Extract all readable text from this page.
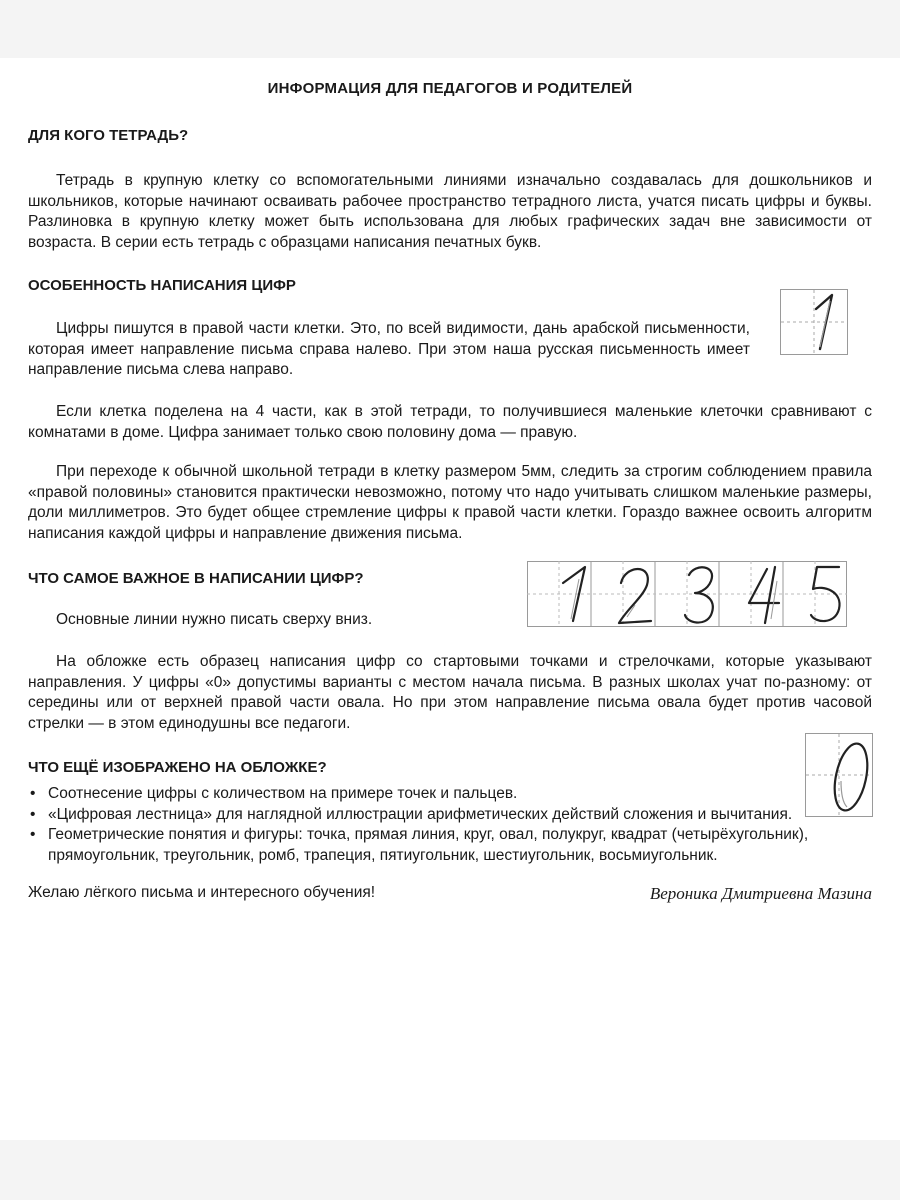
ИНФОРМАЦИЯ ДЛЯ ПЕДАГОГОВ И РОДИТЕЛЕЙ
ДЛЯ КОГО ТЕТРАДЬ?

Тетрадь в крупную клетку со вспомогательными линиями изначально создавалась для дошкольников и школьников, которые начинают осваивать рабочее пространство тетрадного листа, учатся писать цифры и буквы. Разлиновка в крупную клетку может быть использована для любых графических задач вне зависимости от возраста. В серии есть тетрадь с образцами написания печатных букв.

ОСОБЕННОСТЬ НАПИСАНИЯ ЦИФР

Цифры пишутся в правой части клетки. Это, по всей видимости, дань арабской письменности, которая имеет направление письма справа налево. При этом наша русская письменность имеет направление письма слева направо.

Если клетка поделена на 4 части, как в этой тетради, то получившиеся маленькие клеточки сравнивают с комнатами в доме. Цифра занимает только свою половину дома — правую.

При переходе к обычной школьной тетради в клетку размером 5мм, следить за строгим соблюдением правила «правой половины» становится практически невозможно, потому что надо учитывать слишком маленькие размеры, доли миллиметров. Это будет общее стремление цифры к правой части клетки. Гораздо важнее освоить алгоритм написания каждой цифры и направление движения письма.

ЧТО САМОЕ ВАЖНОЕ В НАПИСАНИИ ЦИФР?

Основные линии нужно писать сверху вниз.

На обложке есть образец написания цифр со стартовыми точками и стрелочками, которые указывают направления. У цифры «0» допустимы варианты с местом начала письма. В разных школах учат по-разному: от середины или от верхней правой части овала. Но при этом направление письма овала будет против часовой стрелки — в этом единодушны все педагоги.

ЧТО ЕЩЁ ИЗОБРАЖЕНО НА ОБЛОЖКЕ?
• Соотнесение цифры с количеством на примере точек и пальцев.
• «Цифровая лестница» для наглядной иллюстрации арифметических действий сложения и вычитания.
• Геометрические понятия и фигуры: точка, прямая линия, круг, овал, полукруг, квадрат (четырёхугольник), прямоугольник, треугольник, ромб, трапеция, пятиугольник, шестиугольник, восьмиугольник.
Желаю лёгкого письма и интересного обучения!	Вероника Дмитриевна Мазина
1
